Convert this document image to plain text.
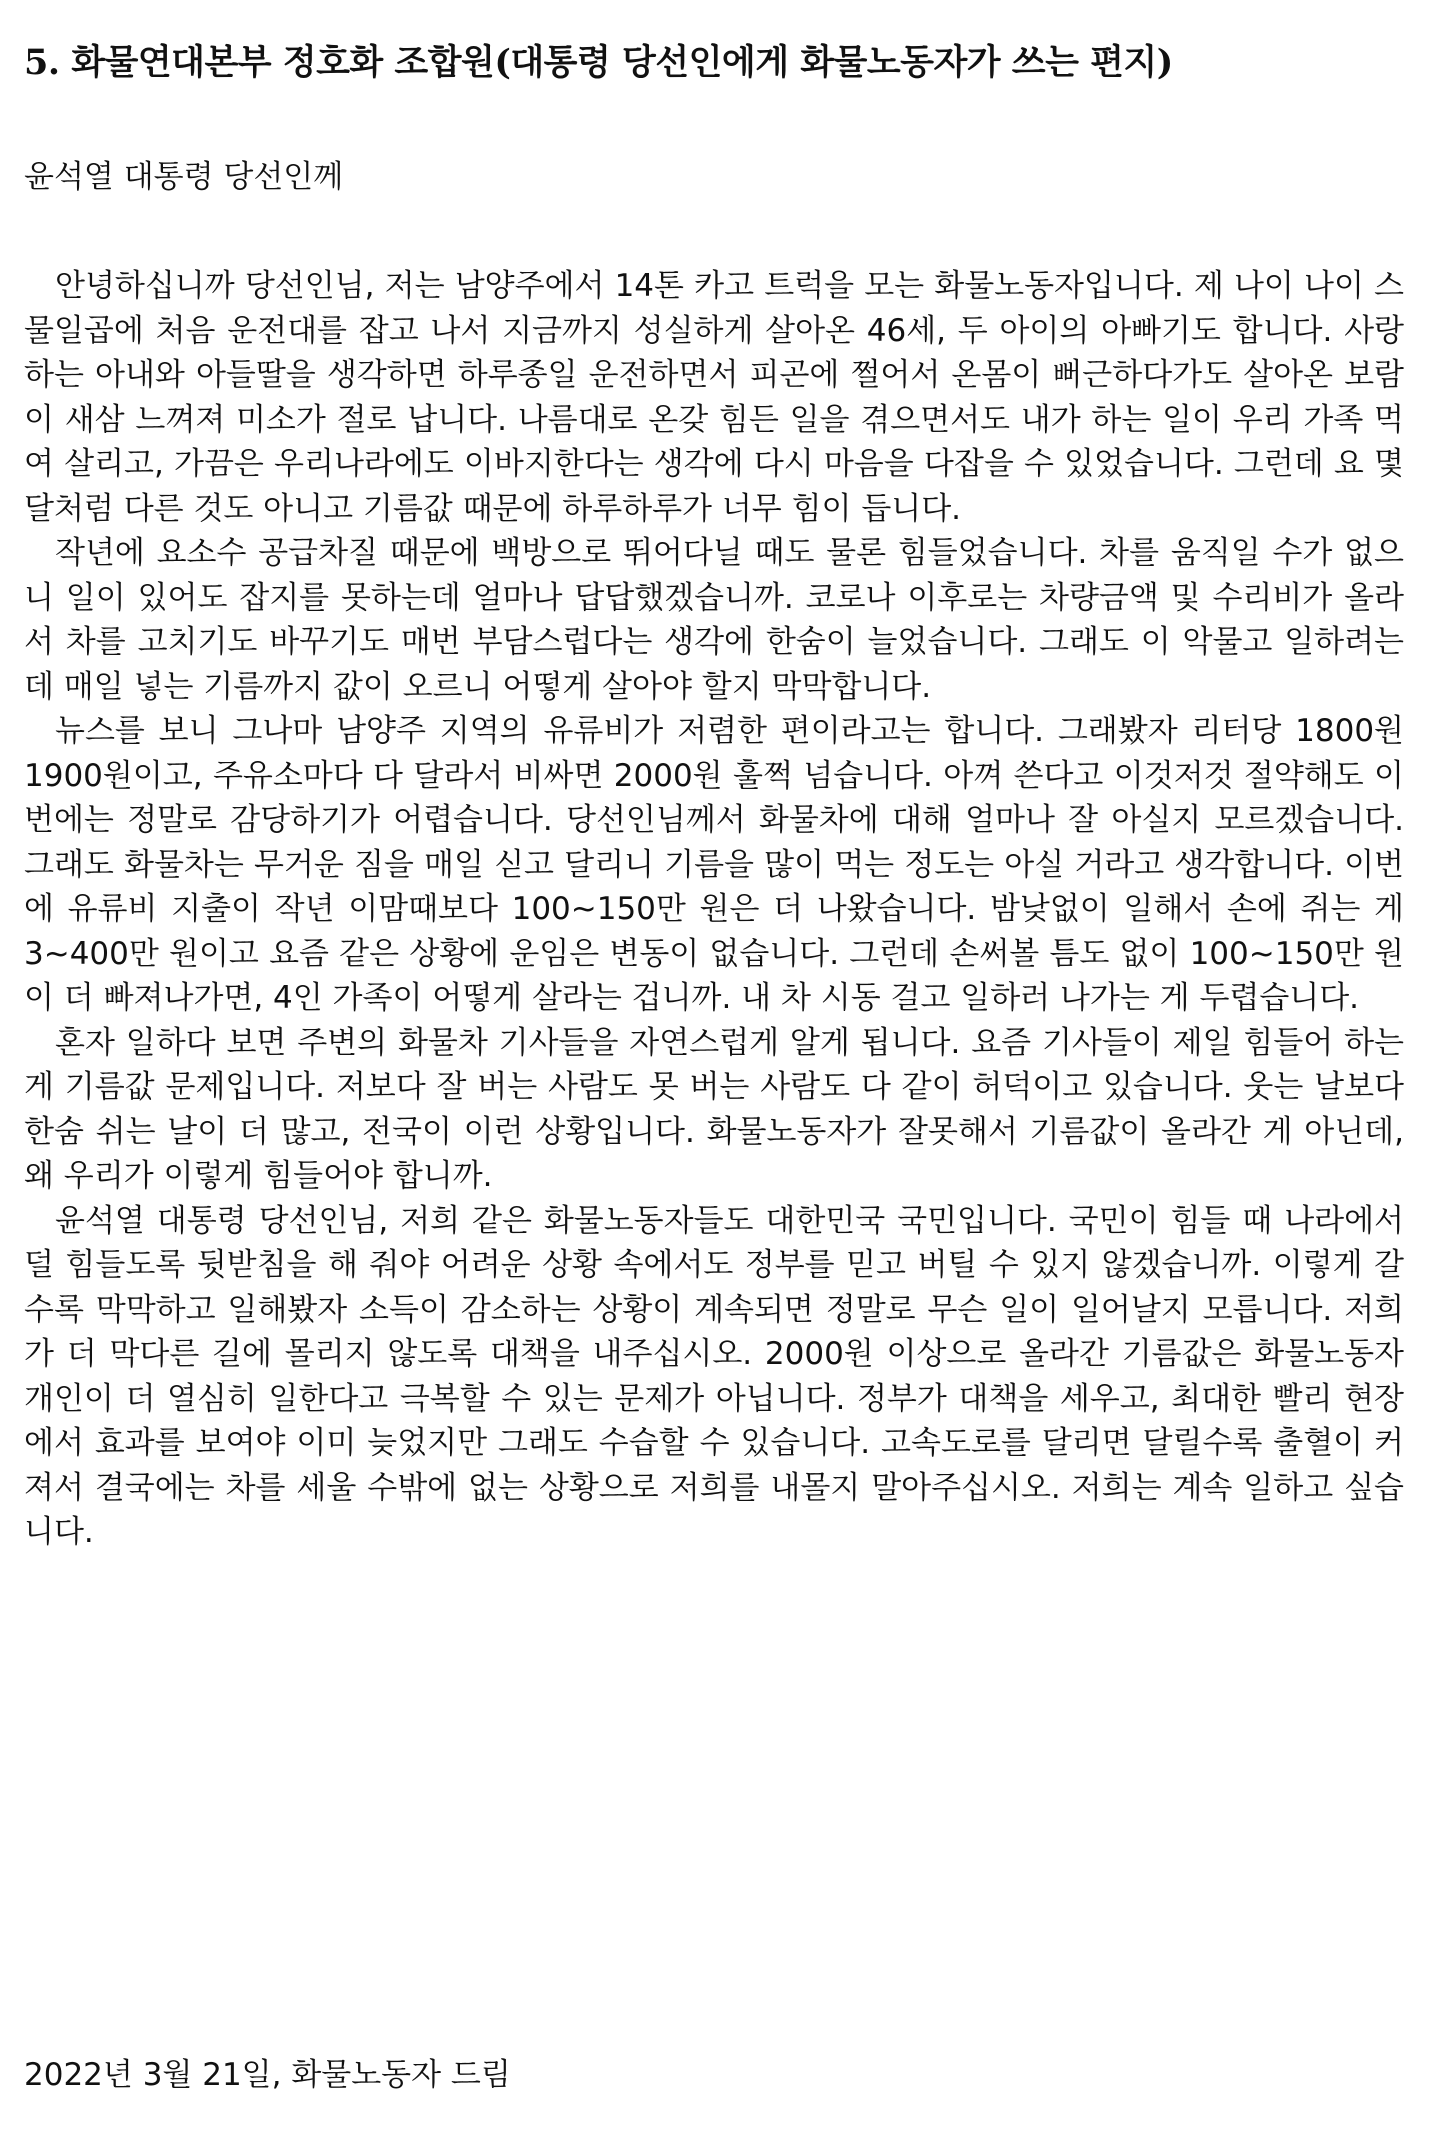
5. 화물연대본부 정호화 조합원(대통령 당선인에게 화물노동자가 쓰는 편지)
윤석열 대통령 당선인께

안녕하십니까 당선인님, 저는 남양주에서 14톤 카고 트럭을 모는 화물노동자입니다. 제 나이 나이 스물일곱에 처음 운전대를 잡고 나서 지금까지 성실하게 살아온 46세, 두 아이의 아빠기도 합니다. 사랑하는 아내와 아들딸을 생각하면 하루종일 운전하면서 피곤에 쩔어서 온몸이 뻐근하다가도 살아온 보람이 새삼 느껴져 미소가 절로 납니다. 나름대로 온갖 힘든 일을 겪으면서도 내가 하는 일이 우리 가족 먹여 살리고, 가끔은 우리나라에도 이바지한다는 생각에 다시 마음을 다잡을 수 있었습니다. 그런데 요 몇 달처럼 다른 것도 아니고 기름값 때문에 하루하루가 너무 힘이 듭니다.

작년에 요소수 공급차질 때문에 백방으로 뛰어다닐 때도 물론 힘들었습니다. 차를 움직일 수가 없으니 일이 있어도 잡지를 못하는데 얼마나 답답했겠습니까. 코로나 이후로는 차량금액 및 수리비가 올라서 차를 고치기도 바꾸기도 매번 부담스럽다는 생각에 한숨이 늘었습니다. 그래도 이 악물고 일하려는데 매일 넣는 기름까지 값이 오르니 어떻게 살아야 할지 막막합니다.

뉴스를 보니 그나마 남양주 지역의 유류비가 저렴한 편이라고는 합니다. 그래봤자 리터당 1800원 1900원이고, 주유소마다 다 달라서 비싸면 2000원 훌쩍 넘습니다. 아껴 쓴다고 이것저것 절약해도 이번에는 정말로 감당하기가 어렵습니다. 당선인님께서 화물차에 대해 얼마나 잘 아실지 모르겠습니다. 그래도 화물차는 무거운 짐을 매일 싣고 달리니 기름을 많이 먹는 정도는 아실 거라고 생각합니다. 이번에 유류비 지출이 작년 이맘때보다 100~150만 원은 더 나왔습니다. 밤낮없이 일해서 손에 쥐는 게 3~400만 원이고 요즘 같은 상황에 운임은 변동이 없습니다. 그런데 손써볼 틈도 없이 100~150만 원이 더 빠져나가면, 4인 가족이 어떻게 살라는 겁니까. 내 차 시동 걸고 일하러 나가는 게 두렵습니다.

혼자 일하다 보면 주변의 화물차 기사들을 자연스럽게 알게 됩니다. 요즘 기사들이 제일 힘들어 하는 게 기름값 문제입니다. 저보다 잘 버는 사람도 못 버는 사람도 다 같이 허덕이고 있습니다. 웃는 날보다 한숨 쉬는 날이 더 많고, 전국이 이런 상황입니다. 화물노동자가 잘못해서 기름값이 올라간 게 아닌데, 왜 우리가 이렇게 힘들어야 합니까.

윤석열 대통령 당선인님, 저희 같은 화물노동자들도 대한민국 국민입니다. 국민이 힘들 때 나라에서 덜 힘들도록 뒷받침을 해 줘야 어려운 상황 속에서도 정부를 믿고 버틸 수 있지 않겠습니까. 이렇게 갈수록 막막하고 일해봤자 소득이 감소하는 상황이 계속되면 정말로 무슨 일이 일어날지 모릅니다. 저희가 더 막다른 길에 몰리지 않도록 대책을 내주십시오. 2000원 이상으로 올라간 기름값은 화물노동자 개인이 더 열심히 일한다고 극복할 수 있는 문제가 아닙니다. 정부가 대책을 세우고, 최대한 빨리 현장에서 효과를 보여야 이미 늦었지만 그래도 수습할 수 있습니다. 고속도로를 달리면 달릴수록 출혈이 커져서 결국에는 차를 세울 수밖에 없는 상황으로 저희를 내몰지 말아주십시오. 저희는 계속 일하고 싶습니다.

2022년 3월 21일, 화물노동자 드림
